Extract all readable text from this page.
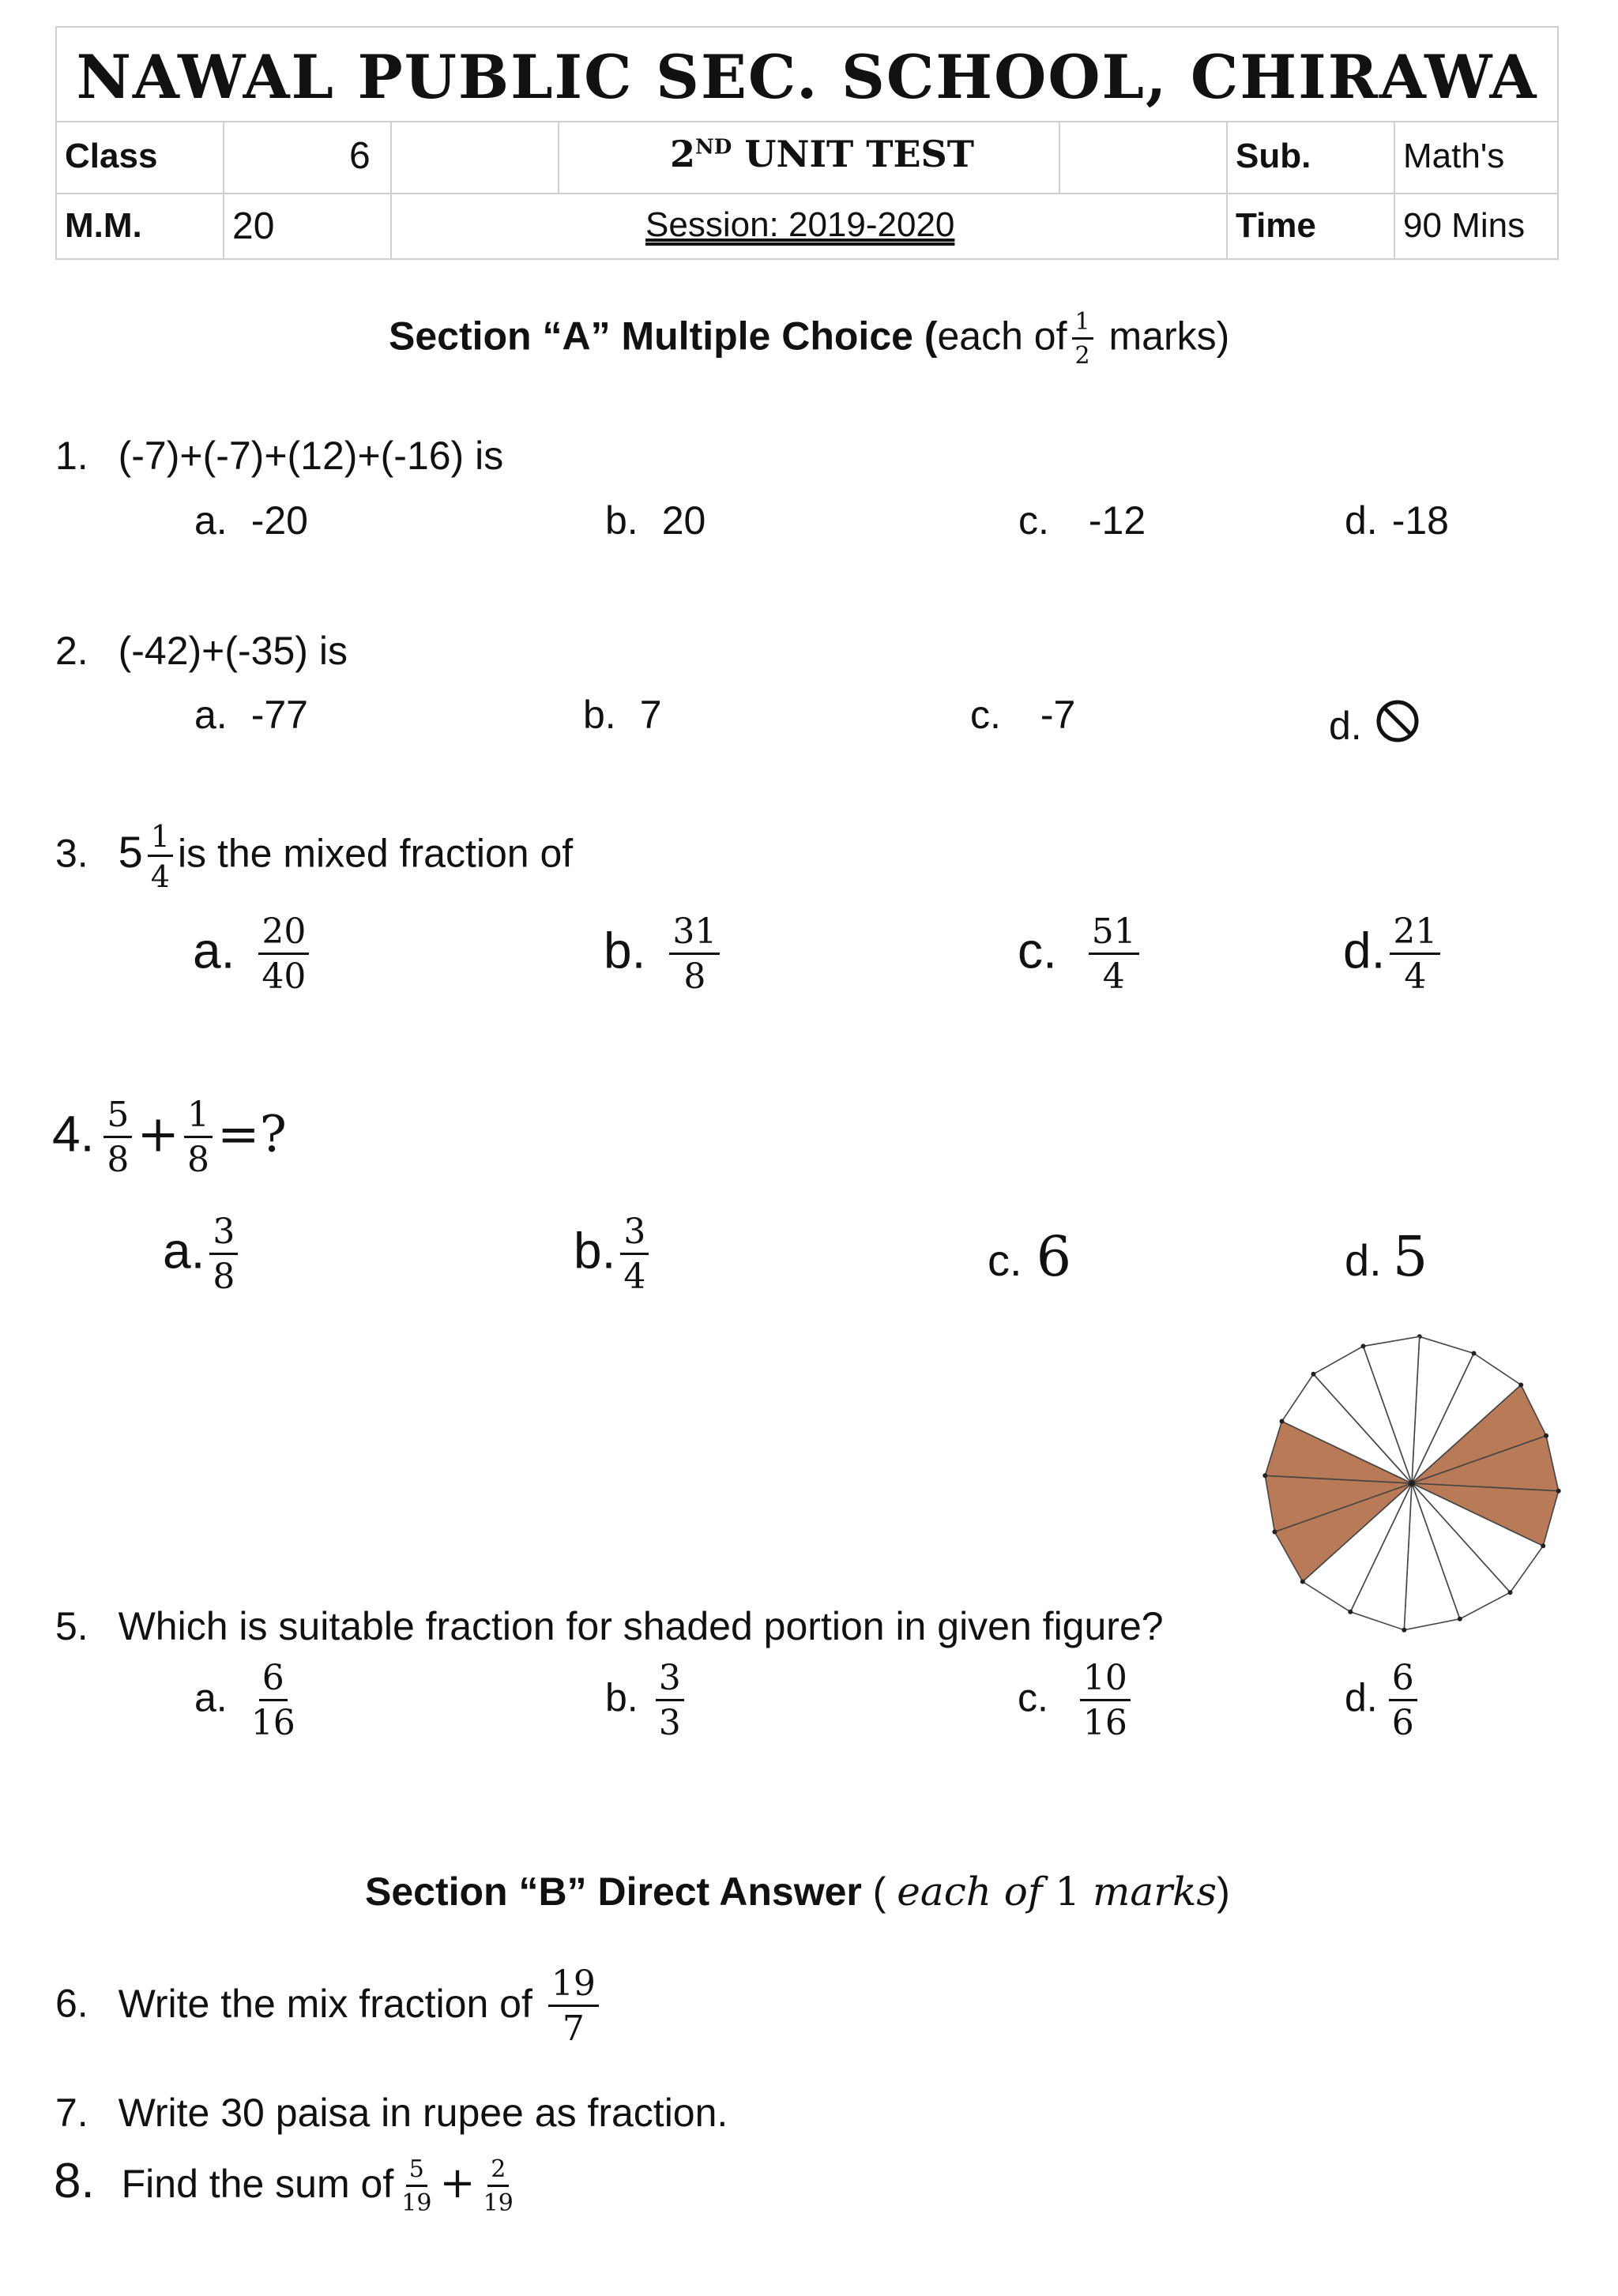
NAWAL PUBLIC SEC. SCHOOL, CHIRAWA
Class	6	2ND UNIT TEST	Sub.	Math's
M.M. 20	Session: 2019-2020	Time	90 Mins
Section “A” Multiple Choice (each of $\frac{1}{2}$ marks)
1. (-7)+(-7)+(12)+(-16) is
a. -20	b. 20	c. -12	d. -18
2. (-42)+(-35) is
a. -77	b. 7	c. -7	d.
3. $5 \frac{1}{4}$ is the mixed fraction of
a. $\frac{20}{40}$	b. $\frac{31}{8}$	c. $\frac{51}{4}$	d. $\frac{21}{4}$
4. $\frac{5}{8} + \frac{1}{8}$ =?
a. $\frac{3}{8}$	b. $\frac{3}{4}$	c. 6	d. 5
5. Which is suitable fraction for shaded portion in given figure?
a. $\frac{6}{16}$	b. $\frac{3}{3}$	c. $\frac{10}{16}$	d. $\frac{6}{6}$
Section “B” Direct Answer ( each of 1 marks)
6. Write the mix fraction of $\frac{19}{7}$
7. Write 30 paisa in rupee as fraction.
8. Find the sum of $\frac{5}{19} + \frac{2}{19}$
